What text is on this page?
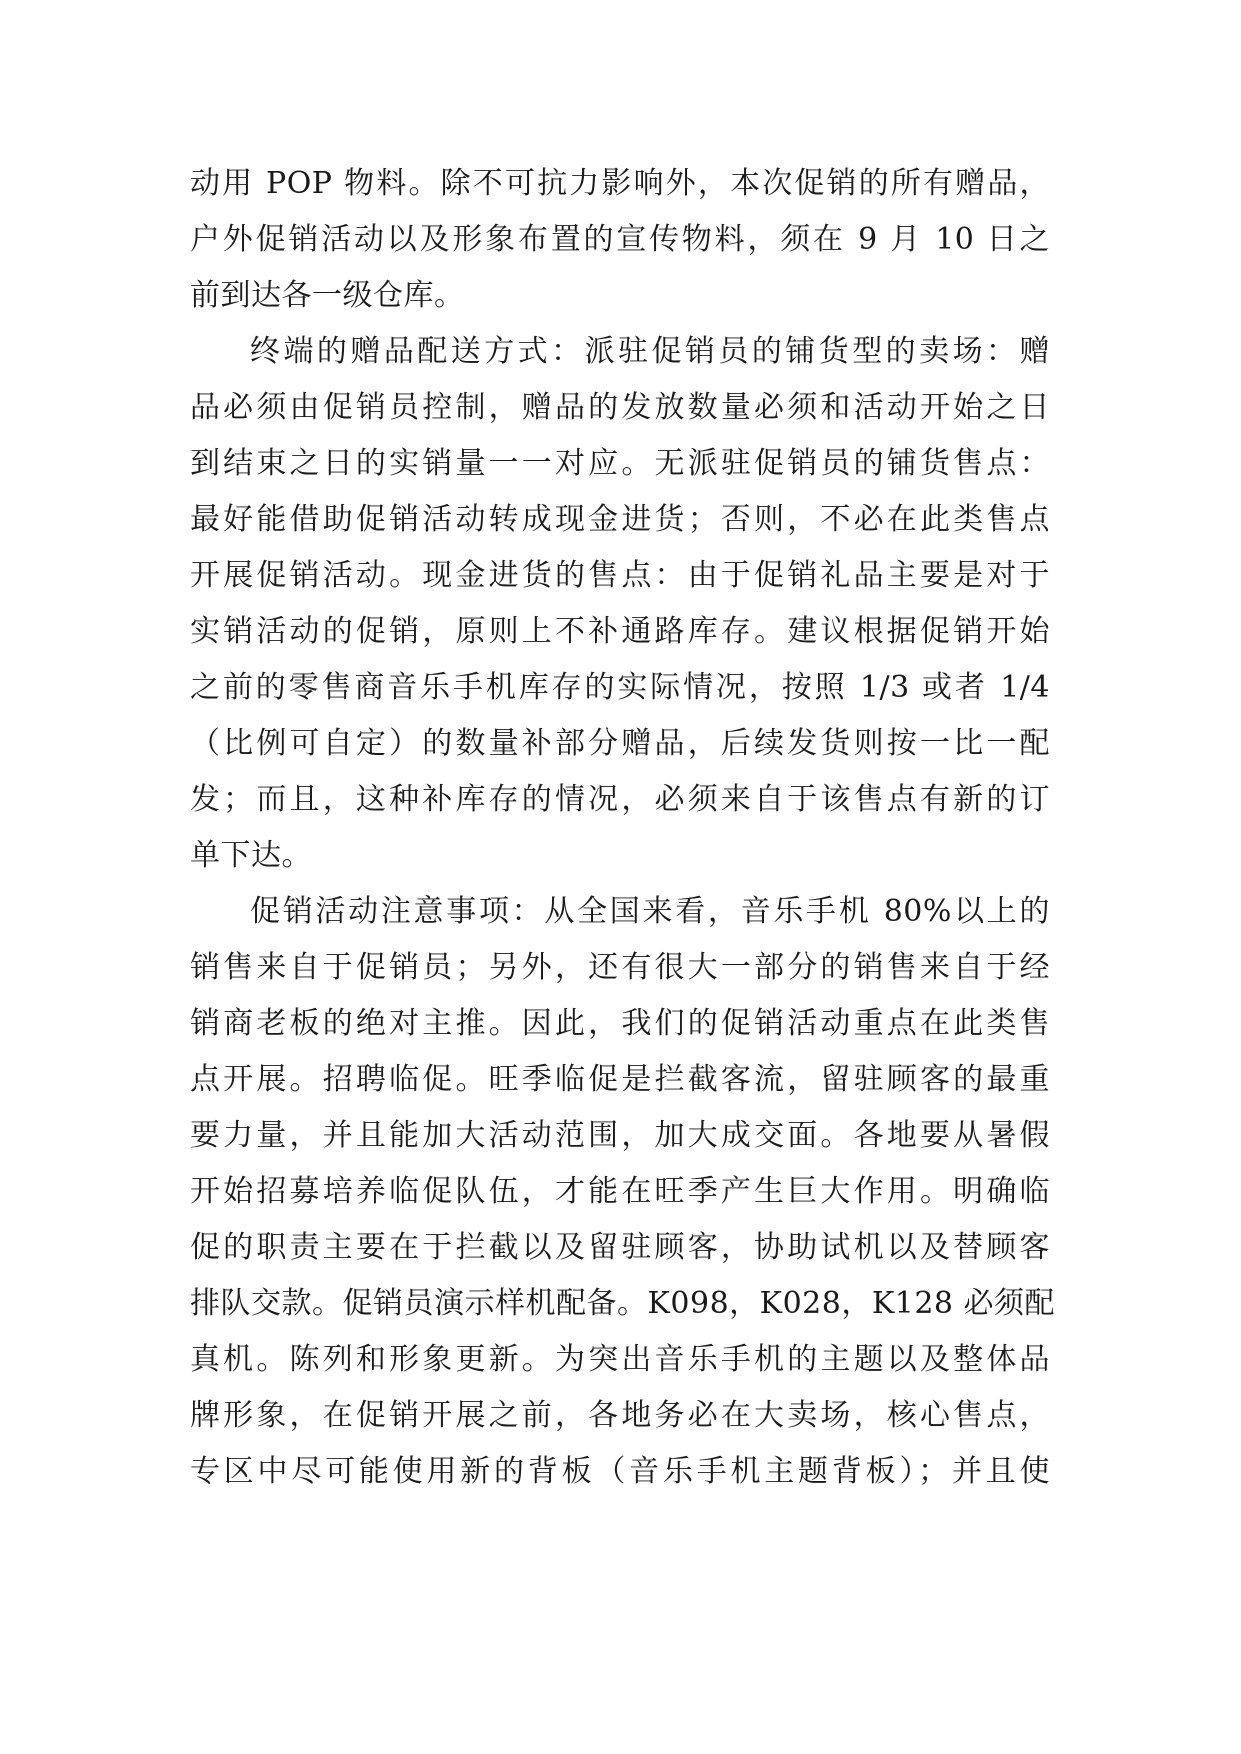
动用 POP 物料。除不可抗力影响外，本次促销的所有赠品，
户外促销活动以及形象布置的宣传物料，须在 9 月 10 日之
前到达各一级仓库。
终端的赠品配送方式：派驻促销员的铺货型的卖场：赠
品必须由促销员控制，赠品的发放数量必须和活动开始之日
到结束之日的实销量一一对应。无派驻促销员的铺货售点：
最好能借助促销活动转成现金进货；否则，不必在此类售点
开展促销活动。现金进货的售点：由于促销礼品主要是对于
实销活动的促销，原则上不补通路库存。建议根据促销开始
之前的零售商音乐手机库存的实际情况，按照 1/3 或者 1/4
（比例可自定）的数量补部分赠品，后续发货则按一比一配
发；而且，这种补库存的情况，必须来自于该售点有新的订
单下达。
促销活动注意事项：从全国来看，音乐手机 80%以上的
销售来自于促销员；另外，还有很大一部分的销售来自于经
销商老板的绝对主推。因此，我们的促销活动重点在此类售
点开展。招聘临促。旺季临促是拦截客流，留驻顾客的最重
要力量，并且能加大活动范围，加大成交面。各地要从暑假
开始招募培养临促队伍，才能在旺季产生巨大作用。明确临
促的职责主要在于拦截以及留驻顾客，协助试机以及替顾客
排队交款。促销员演示样机配备。K098，K028，K128 必须配
真机。陈列和形象更新。为突出音乐手机的主题以及整体品
牌形象，在促销开展之前，各地务必在大卖场，核心售点，
专区中尽可能使用新的背板（音乐手机主题背板）；并且使
